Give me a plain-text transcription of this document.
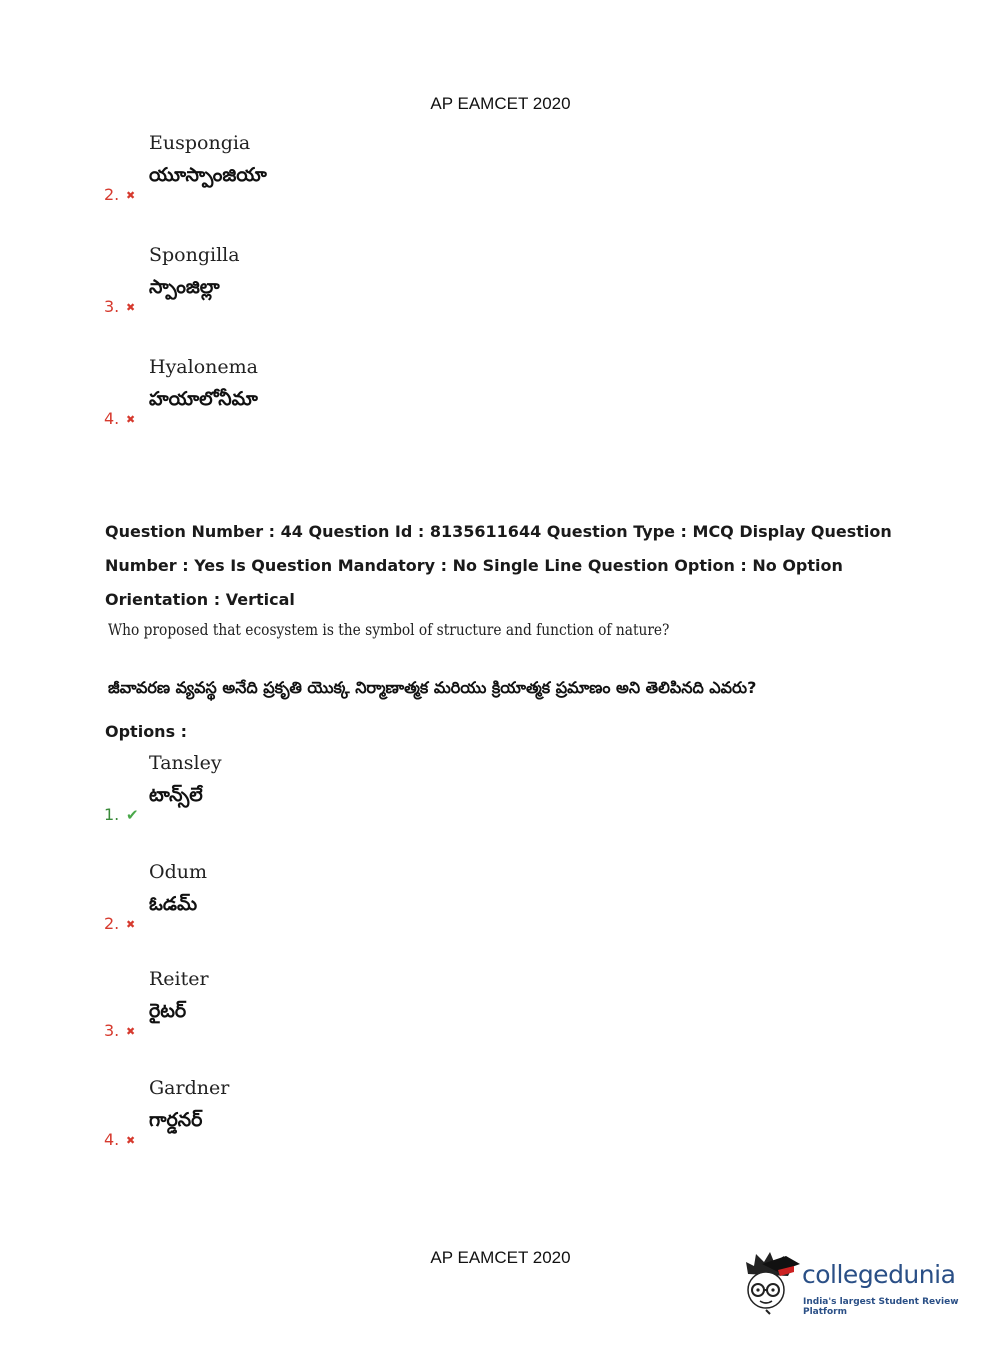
AP EAMCET 2020
2. ✖
Euspongia
యూస్పాంజియా
3. ✖
Spongilla
స్పాంజిల్లా
4. ✖
Hyalonema
హయాలోనీమా
Question Number : 44 Question Id : 8135611644 Question Type : MCQ Display Question
Number : Yes Is Question Mandatory : No Single Line Question Option : No Option
Orientation : Vertical
Who proposed that ecosystem is the symbol of structure and function of nature?
జీవావరణ వ్యవస్థ అనేది ప్రకృతి యొక్క నిర్మాణాత్మక మరియు క్రియాత్మక ప్రమాణం అని తెలిపినది ఎవరు?
Options :
1. ✔
Tansley
టాన్స్‌లే
2. ✖
Odum
ఓడమ్
3. ✖
Reiter
రైటర్
4. ✖
Gardner
గార్డనర్
AP EAMCET 2020
collegedunia
India's largest Student Review Platform
